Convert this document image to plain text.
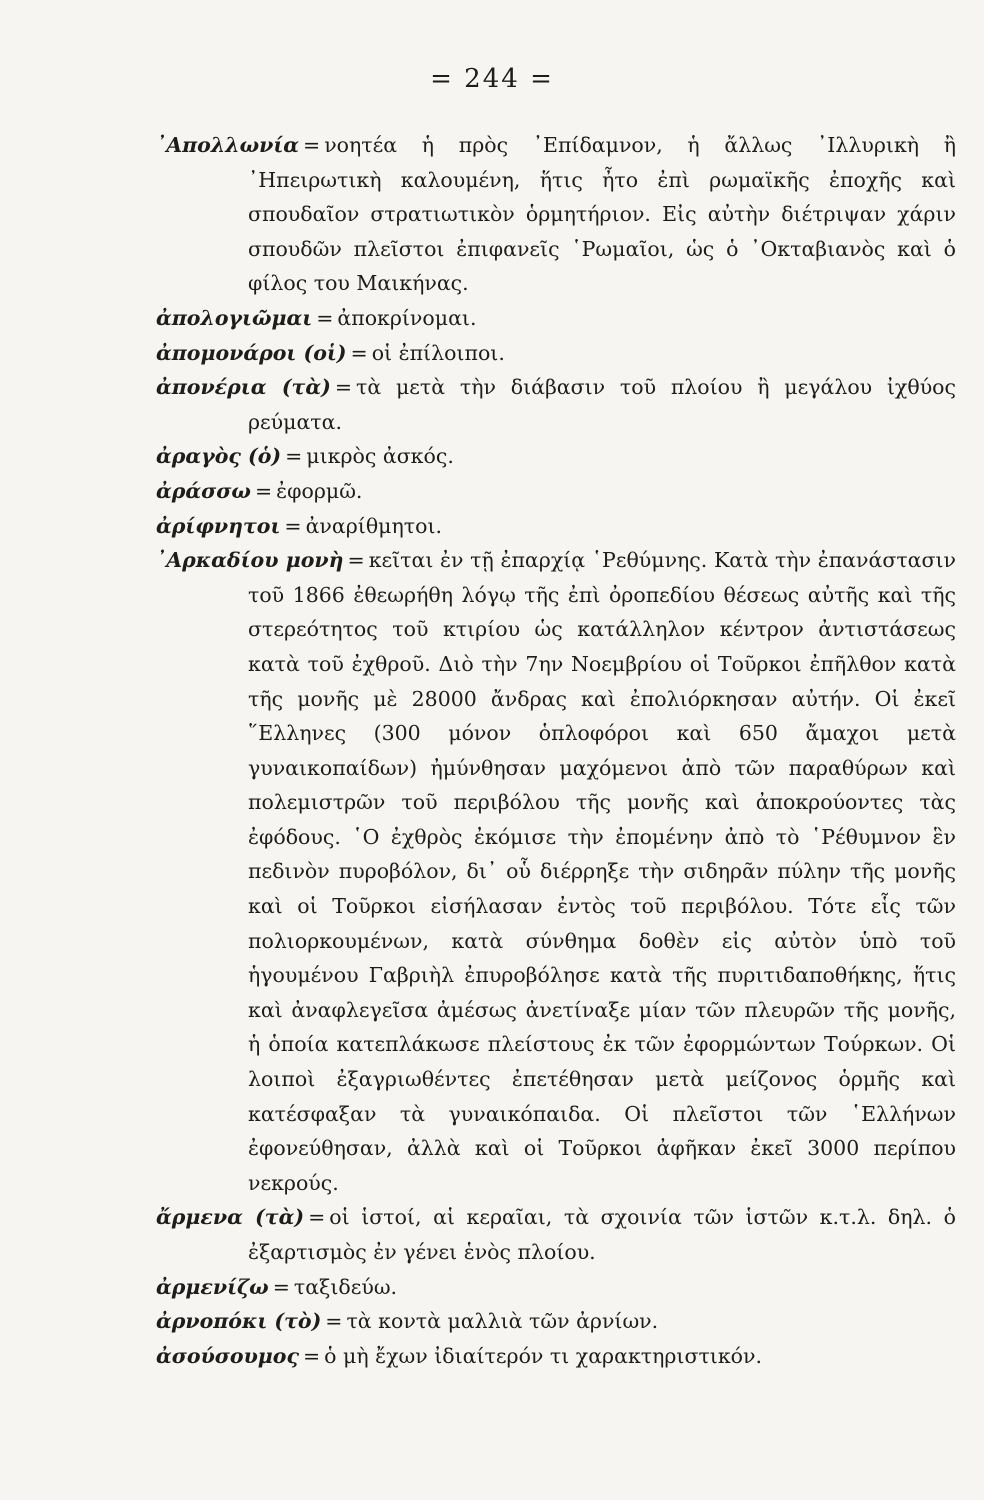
= 244 =

᾿Απολλωνία = νοητέα ἡ πρὸς ᾿Επίδαμνον, ἡ ἄλλως ᾿Ιλλυρικὴ ἢ ᾿Ηπειρωτικὴ καλουμένη, ἥτις ἦτο ἐπὶ ρωμαϊκῆς ἐποχῆς καὶ σπουδαῖον στρατιωτικὸν ὁρμητήριον. Εἰς αὐτὴν διέτριψαν χάριν σπουδῶν πλεῖστοι ἐπιφανεῖς ῾Ρωμαῖοι, ὡς ὁ ᾿Οκταβιανὸς καὶ ὁ φίλος του Μαικήνας.

ἀπολογιῶμαι = ἀποκρίνομαι.

ἀπομονάροι (οἱ) = οἱ ἐπίλοιποι.

ἀπονέρια (τὰ) = τὰ μετὰ τὴν διάβασιν τοῦ πλοίου ἢ μεγάλου ἰχθύος ρεύματα.

ἀραγὸς (ὁ) = μικρὸς ἀσκός.

ἀράσσω = ἐφορμῶ.

ἀρίφνητοι = ἀναρίθμητοι.

᾿Αρκαδίου μονὴ = κεῖται ἐν τῇ ἐπαρχίᾳ ῾Ρεθύμνης. Κατὰ τὴν ἐπανάστασιν τοῦ 1866 ἐθεωρήθη λόγῳ τῆς ἐπὶ ὀροπεδίου θέσεως αὐτῆς καὶ τῆς στερεότητος τοῦ κτιρίου ὡς κατάλληλον κέντρον ἀντιστάσεως κατὰ τοῦ ἐχθροῦ. Διὸ τὴν 7ην Νοεμβρίου οἱ Τοῦρκοι ἐπῆλθον κατὰ τῆς μονῆς μὲ 28000 ἄνδρας καὶ ἐπολιόρκησαν αὐτήν. Οἱ ἐκεῖ ῞Ελληνες (300 μόνον ὁπλοφόροι καὶ 650 ἄμαχοι μετὰ γυναικοπαίδων) ἠμύνθησαν μαχόμενοι ἀπὸ τῶν παραθύρων καὶ πολεμιστρῶν τοῦ περιβόλου τῆς μονῆς καὶ ἀποκρούοντες τὰς ἐφόδους. ῾Ο ἐχθρὸς ἐκόμισε τὴν ἐπομένην ἀπὸ τὸ ῾Ρέθυμνον ἓν πεδινὸν πυροβόλον, δι᾿ οὗ διέρρηξε τὴν σιδηρᾶν πύλην τῆς μονῆς καὶ οἱ Τοῦρκοι εἰσήλασαν ἐντὸς τοῦ περιβόλου. Τότε εἷς τῶν πολιορκουμένων, κατὰ σύνθημα δοθὲν εἰς αὐτὸν ὑπὸ τοῦ ἡγουμένου Γαβριὴλ ἐπυροβόλησε κατὰ τῆς πυριτιδαποθήκης, ἥτις καὶ ἀναφλεγεῖσα ἀμέσως ἀνετίναξε μίαν τῶν πλευρῶν τῆς μονῆς, ἡ ὁποία κατεπλάκωσε πλείστους ἐκ τῶν ἐφορμώντων Τούρκων. Οἱ λοιποὶ ἐξαγριωθέντες ἐπετέθησαν μετὰ μείζονος ὁρμῆς καὶ κατέσφαξαν τὰ γυναικόπαιδα. Οἱ πλεῖστοι τῶν ῾Ελλήνων ἐφονεύθησαν, ἀλλὰ καὶ οἱ Τοῦρκοι ἀφῆκαν ἐκεῖ 3000 περίπου νεκρούς.

ἄρμενα (τὰ) = οἱ ἱστοί, αἱ κεραῖαι, τὰ σχοινία τῶν ἱστῶν κ.τ.λ. δηλ. ὁ ἐξαρτισμὸς ἐν γένει ἑνὸς πλοίου.

ἀρμενίζω = ταξιδεύω.

ἀρνοπόκι (τὸ) = τὰ κοντὰ μαλλιὰ τῶν ἀρνίων.

ἀσούσουμος = ὁ μὴ ἔχων ἰδιαίτερόν τι χαρακτηριστικόν.
